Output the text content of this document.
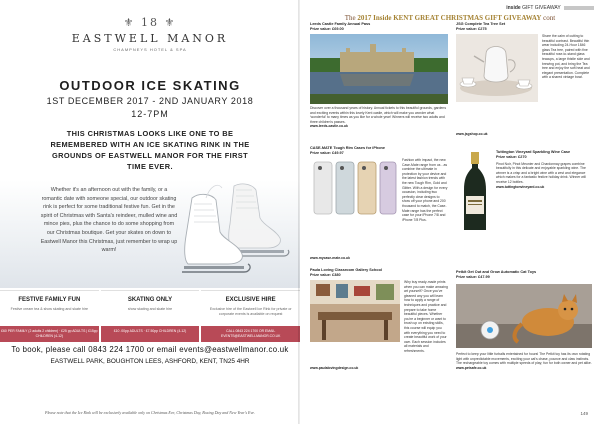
⚜ 18 ⚜
EASTWELL MANOR
CHAMPNEYS HOTEL & SPA
OUTDOOR ICE SKATING
1ST DECEMBER 2017 - 2ND JANUARY 2018
12-7PM
THIS CHRISTMAS LOOKS LIKE ONE TO BE REMEMBERED WITH AN ICE SKATING RINK IN THE GROUNDS OF EASTWELL MANOR FOR THE FIRST TIME EVER.
Whether it's an afternoon out with the family, or a romantic date with someone special, our outdoor skating rink is perfect for some traditional festive fun. Get in the spirit of Christmas with Santa's reindeer, mulled wine and mince pies, plus the chance to do some shopping from our Christmas boutique. Get your skates on down to Eastwell Manor this Christmas, just remember to wrap up warm!
FESTIVE FAMILY FUN
Festive cream tea & show skating and skate hire
£60 PER FAMILY (2 adults 2 children) · £25 pp ADULTS | £15pp CHILDREN (4-12)
SKATING ONLY
show skating and skate hire
£10 .00pp ADULTS · £7.50pp CHILDREN (4-12)
EXCLUSIVE HIRE
Exclusive hire of the Eastwell Ice Rink for private or corporate events is available on request
CALL 0843 224 1700 OR EMAIL EVENTS@EASTWELLMANOR.CO.UK
To book, please call 0843 224 1700 or email events@eastwellmanor.co.uk
EASTWELL PARK, BOUGHTON LEES, ASHFORD, KENT, TN25 4HR
Please note that the Ice Rink will be exclusively available only on Christmas Eve, Christmas Day, Boxing Day and New Year's Eve.
inside GIFT GIVEAWAY
The 2017 Inside KENT GREAT CHRISTMAS GIFT GIVEAWAY cont
Leeds Castle Family Annual Pass
Prize value: £69.00
Discover over a thousand years of history. Annual tickets to this beautiful grounds, gardens and exciting events within this lovely Kent castle, which will make you wonder what 'wonderful' to many times as you like for a whole year! Winners will receive two adults and three children's passes.
www.leeds-castle.co.uk
JSG Complete Tea Tree Set
Prize value: £275
Share the calm of cutting to beautiful contrast. Beautiful thin wear including 24-Hour 1846 glass Tea tree, paired with fine beautiful rose-to-stand glass teacups, a large thistle side and brewing pot, and bring the Tea tree and enjoy the soft heat and elegant presentation. Complete with a shared vintage bowl.
www.jsgshop.co.uk
CASE-MATE Tough Rim Cases for iPhone
Prize value: £49.97
Fashion with impact, the new Case-Mate range from us - as combine the ultimate in protection by your device and the latest fashion trends with the new Tough Rim, Gold and Glitter. With a design for every occasion, including two perfectly clear designs to show off your phone and 200 thousand to match, the Case-Mate range has the perfect case for your iPhone 7/8 and iPhone 7/8 Plus.
www.mycase-mate.co.uk
Tuttington Vineyard Sparkling Wine Case
Prize value: £270
Pinot Noir, Pinot Meunier and Chardonnay grapes combine beautifully in this delicate and enjoyable sparkling wine. The winner is a crisp and a bright wine with a zest and elegance which makes for a fantastic festive holiday drink. Winner will receive 12 bottles.
www.tuttingtonvineyard.co.uk
Paula Loving Classroom Gallery School
Prize value: £380
Why buy ready-made prints when you can make amazing art yourself? Once you've gleaned any you will learn how to apply a range of techniques and practice and prepare to take home beautiful pieces. Whether you're a beginner or want to brush up on existing skills, this course will equip you with everything you need to create beautiful work of your own. Each session includes all materials and refreshments.
www.paulalovingdesign.co.uk
Petkit Get Out and Grow Automatic Cat Toys
Prize value: £47.99
Perfect to keep your little furballs entertained for hours! The Petkit toy has its own rotating light with unpredictable movements, exciting your cat's chase, pounce and claw instincts. The rechargeable toy comes with multiple speeds of play; fun for both owner and pet alike.
www.petsafe.co.uk
149
